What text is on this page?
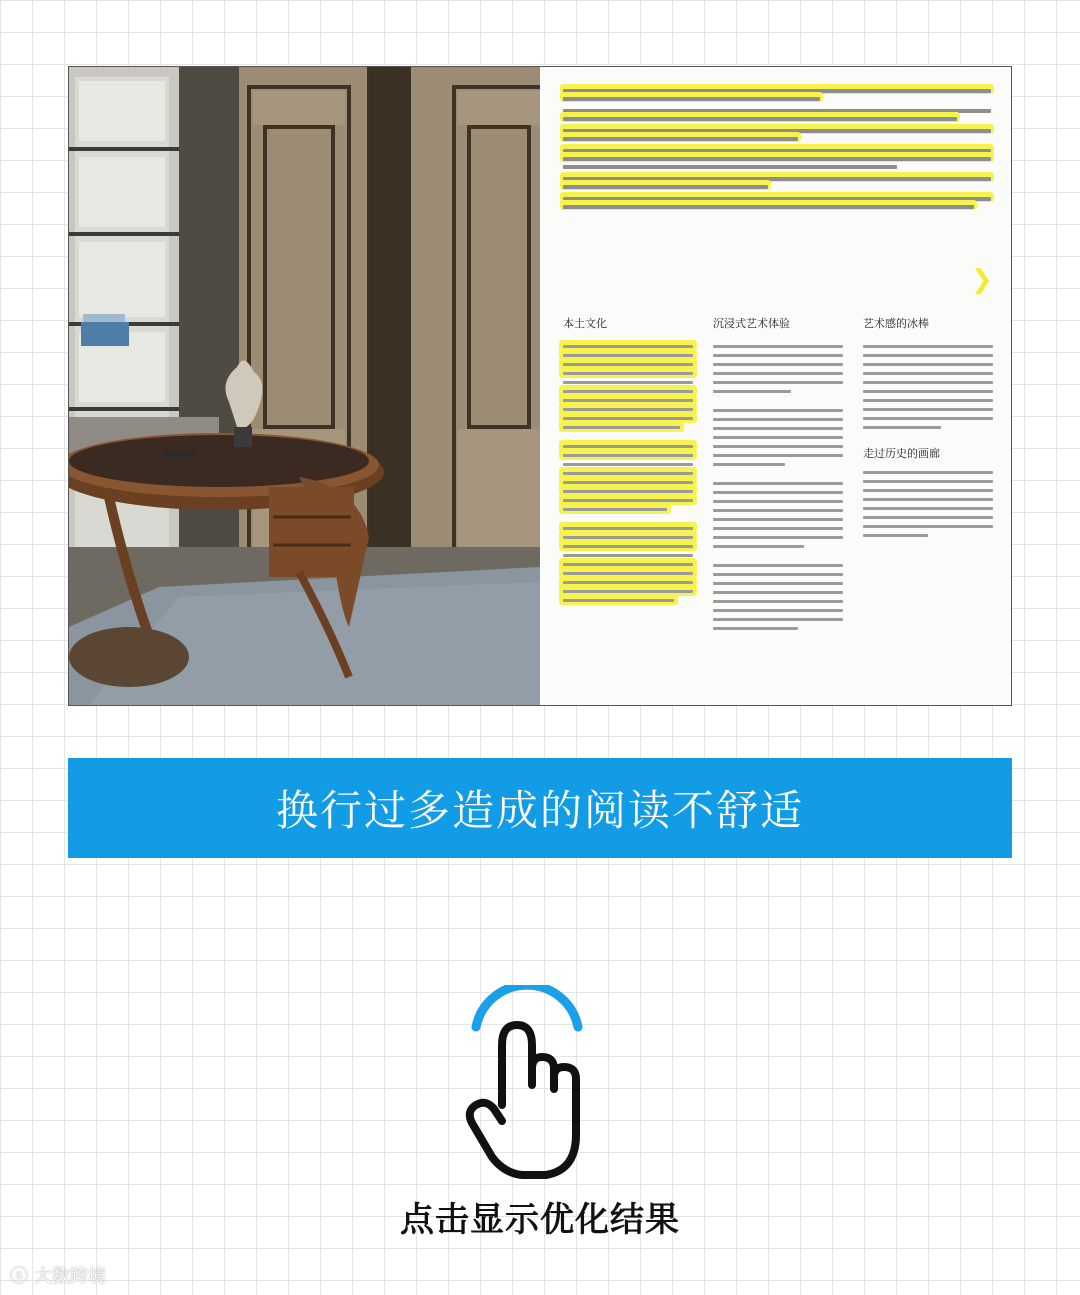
❯
本土文化	沉浸式艺术体验	艺术感的冰棒
走过历史的画廊
换行过多造成的阅读不舒适
点击显示优化结果
ⓐ 大数跨境
